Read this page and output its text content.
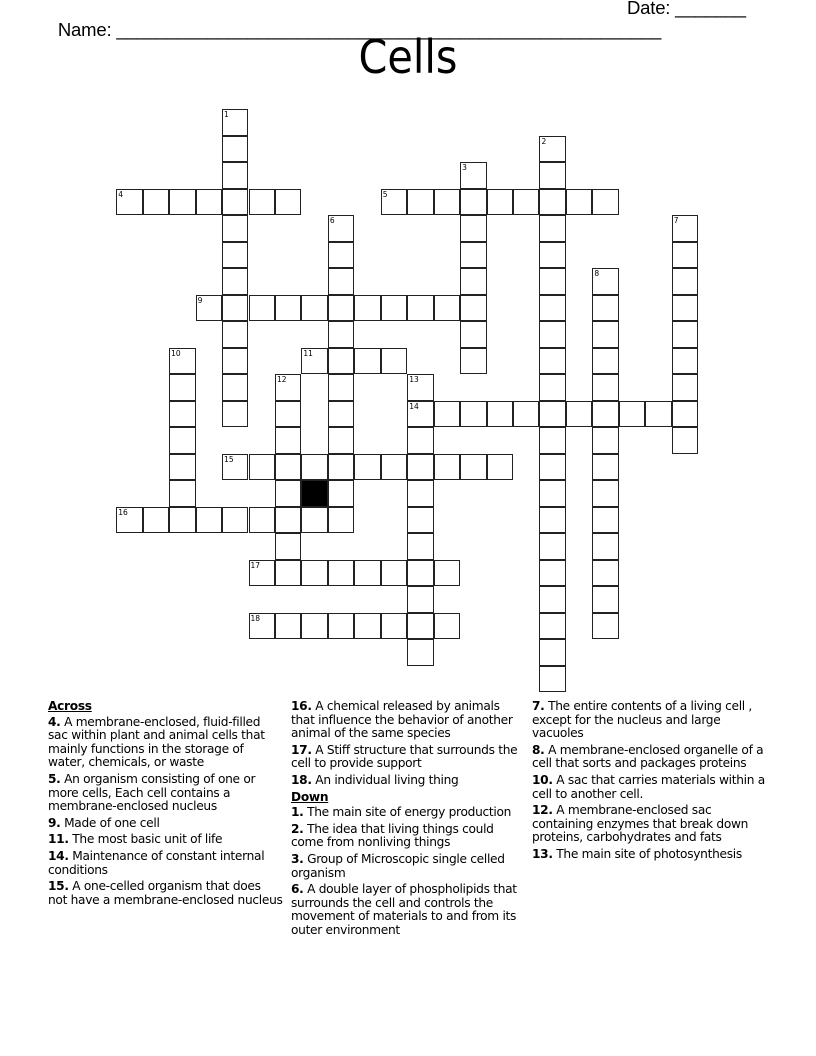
Name: ______________________________________________________

Date: _______

Cells
4	5
9
11
14
15
16
17
18
1
2
3
6	7
8
10
12	13
Across
4. A membrane-enclosed, fluid-filled sac within plant and animal cells that mainly functions in the storage of water, chemicals, or waste
5. An organism consisting of one or more cells, Each cell contains a membrane-enclosed nucleus
9. Made of one cell
11. The most basic unit of life
14. Maintenance of constant internal conditions
15. A one-celled organism that does not have a membrane-enclosed nucleus
16. A chemical released by animals that influence the behavior of another animal of the same species
17. A Stiff structure that surrounds the cell to provide support
18. An individual living thing
Down
1. The main site of energy production
2. The idea that living things could come from nonliving things
3. Group of Microscopic single celled organism
6. A double layer of phospholipids that surrounds the cell and controls the movement of materials to and from its outer environment
7. The entire contents of a living cell , except for the nucleus and large vacuoles
8. A membrane-enclosed organelle of a cell that sorts and packages proteins
10. A sac that carries materials within a cell to another cell.
12. A membrane-enclosed sac containing enzymes that break down proteins, carbohydrates and fats
13. The main site of photosynthesis
